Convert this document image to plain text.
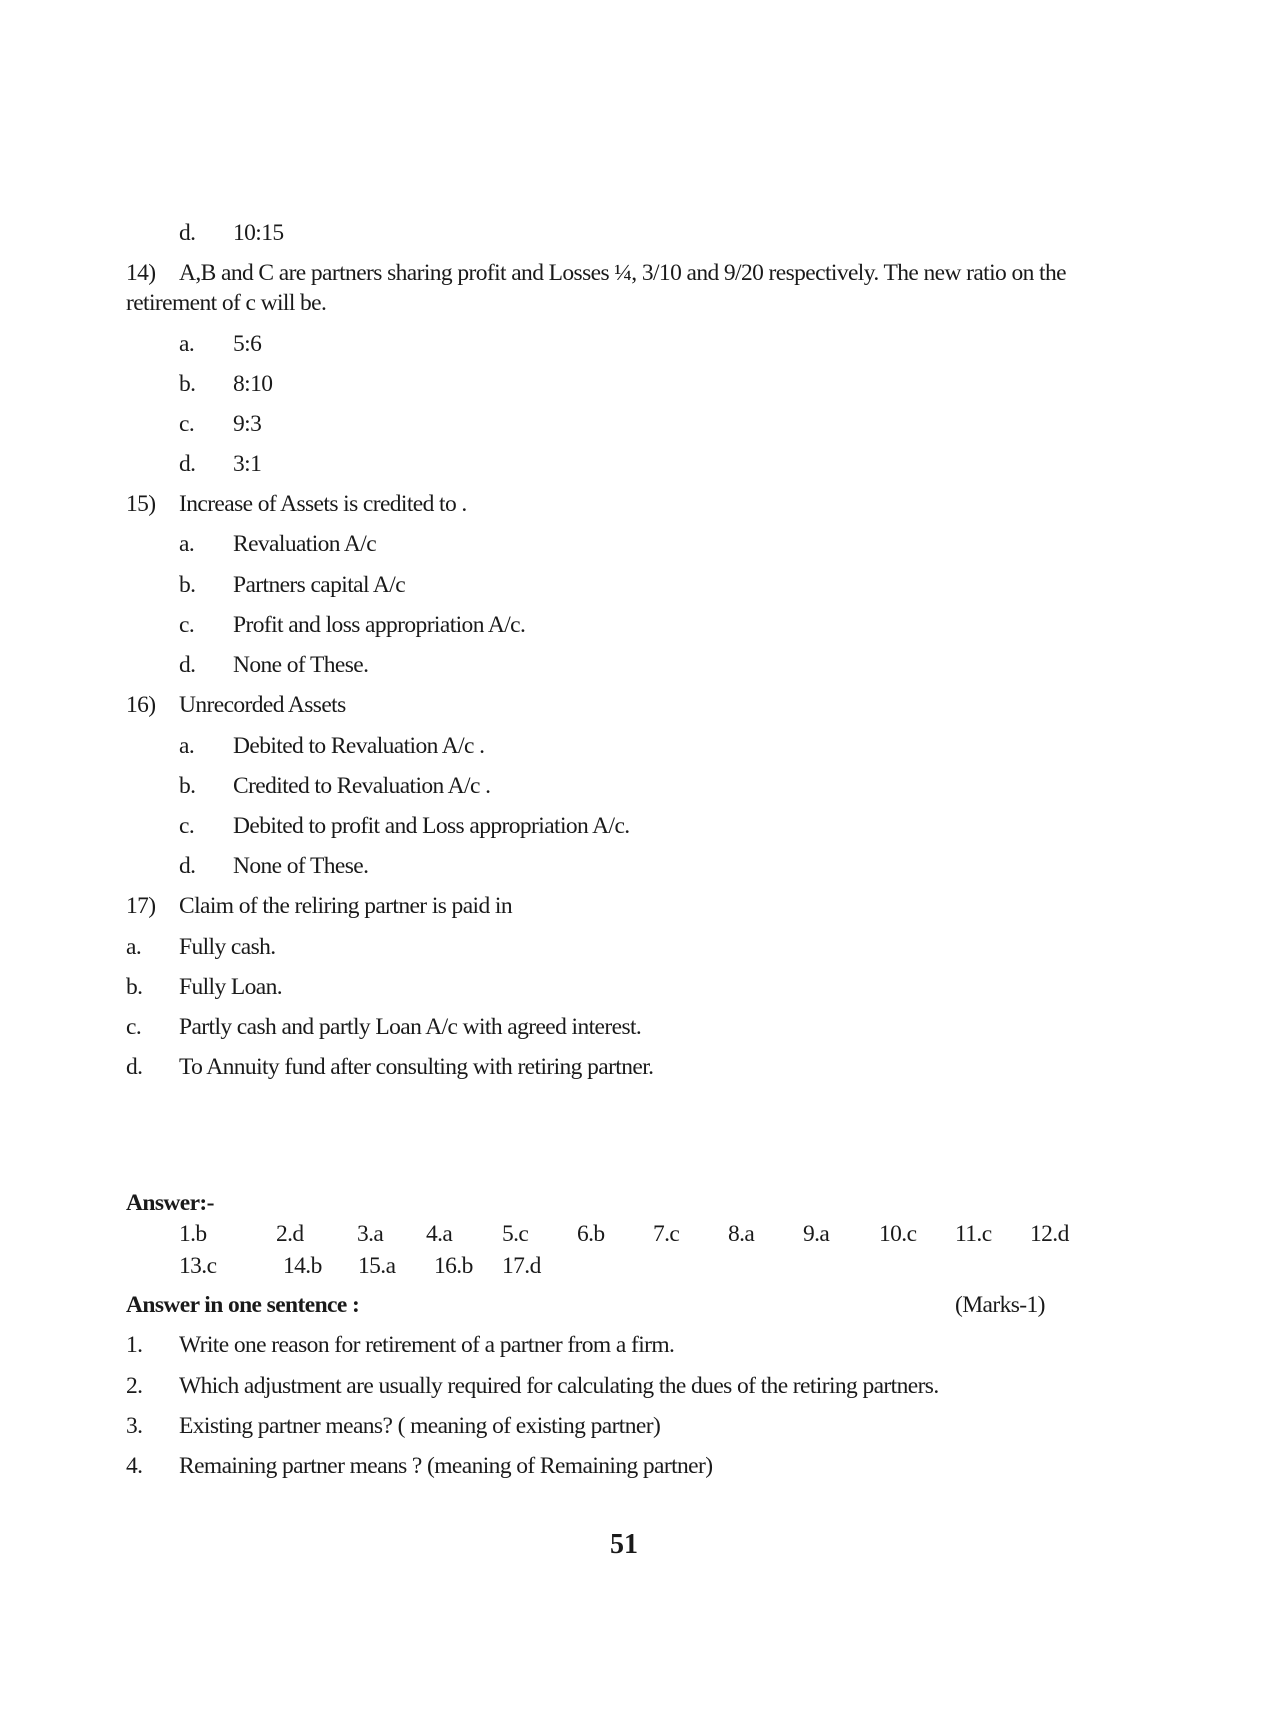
d. 10:15
14) A,B and C are partners sharing profit and Losses ¼, 3/10 and 9/20 respectively. The new ratio on the
retirement of c will be.
a. 5:6
b. 8:10
c. 9:3
d. 3:1
15) Increase of Assets is credited to .
a. Revaluation A/c
b. Partners capital A/c
c. Profit and loss appropriation A/c.
d. None of These.
16) Unrecorded Assets
a. Debited to Revaluation A/c .
b. Credited to Revaluation A/c .
c. Debited to profit and Loss appropriation A/c.
d. None of These.
17) Claim of the reliring partner is paid in
a. Fully cash.
b. Fully Loan.
c. Partly cash and partly Loan A/c with agreed interest.
d. To Annuity fund after consulting with retiring partner.
Answer:-
1.b	2.d 3.a 4.a 5.c 6.b 7.c 8.a 9.a 10.c 11.c 12.d
13.c	14.b 15.a 16.b 17.d
Answer in one sentence :	(Marks-1)
1. Write one reason for retirement of a partner from a firm.
2. Which adjustment are usually required for calculating the dues of the retiring partners.
3. Existing partner means? ( meaning of existing partner)
4. Remaining partner means ? (meaning of Remaining partner)
51
